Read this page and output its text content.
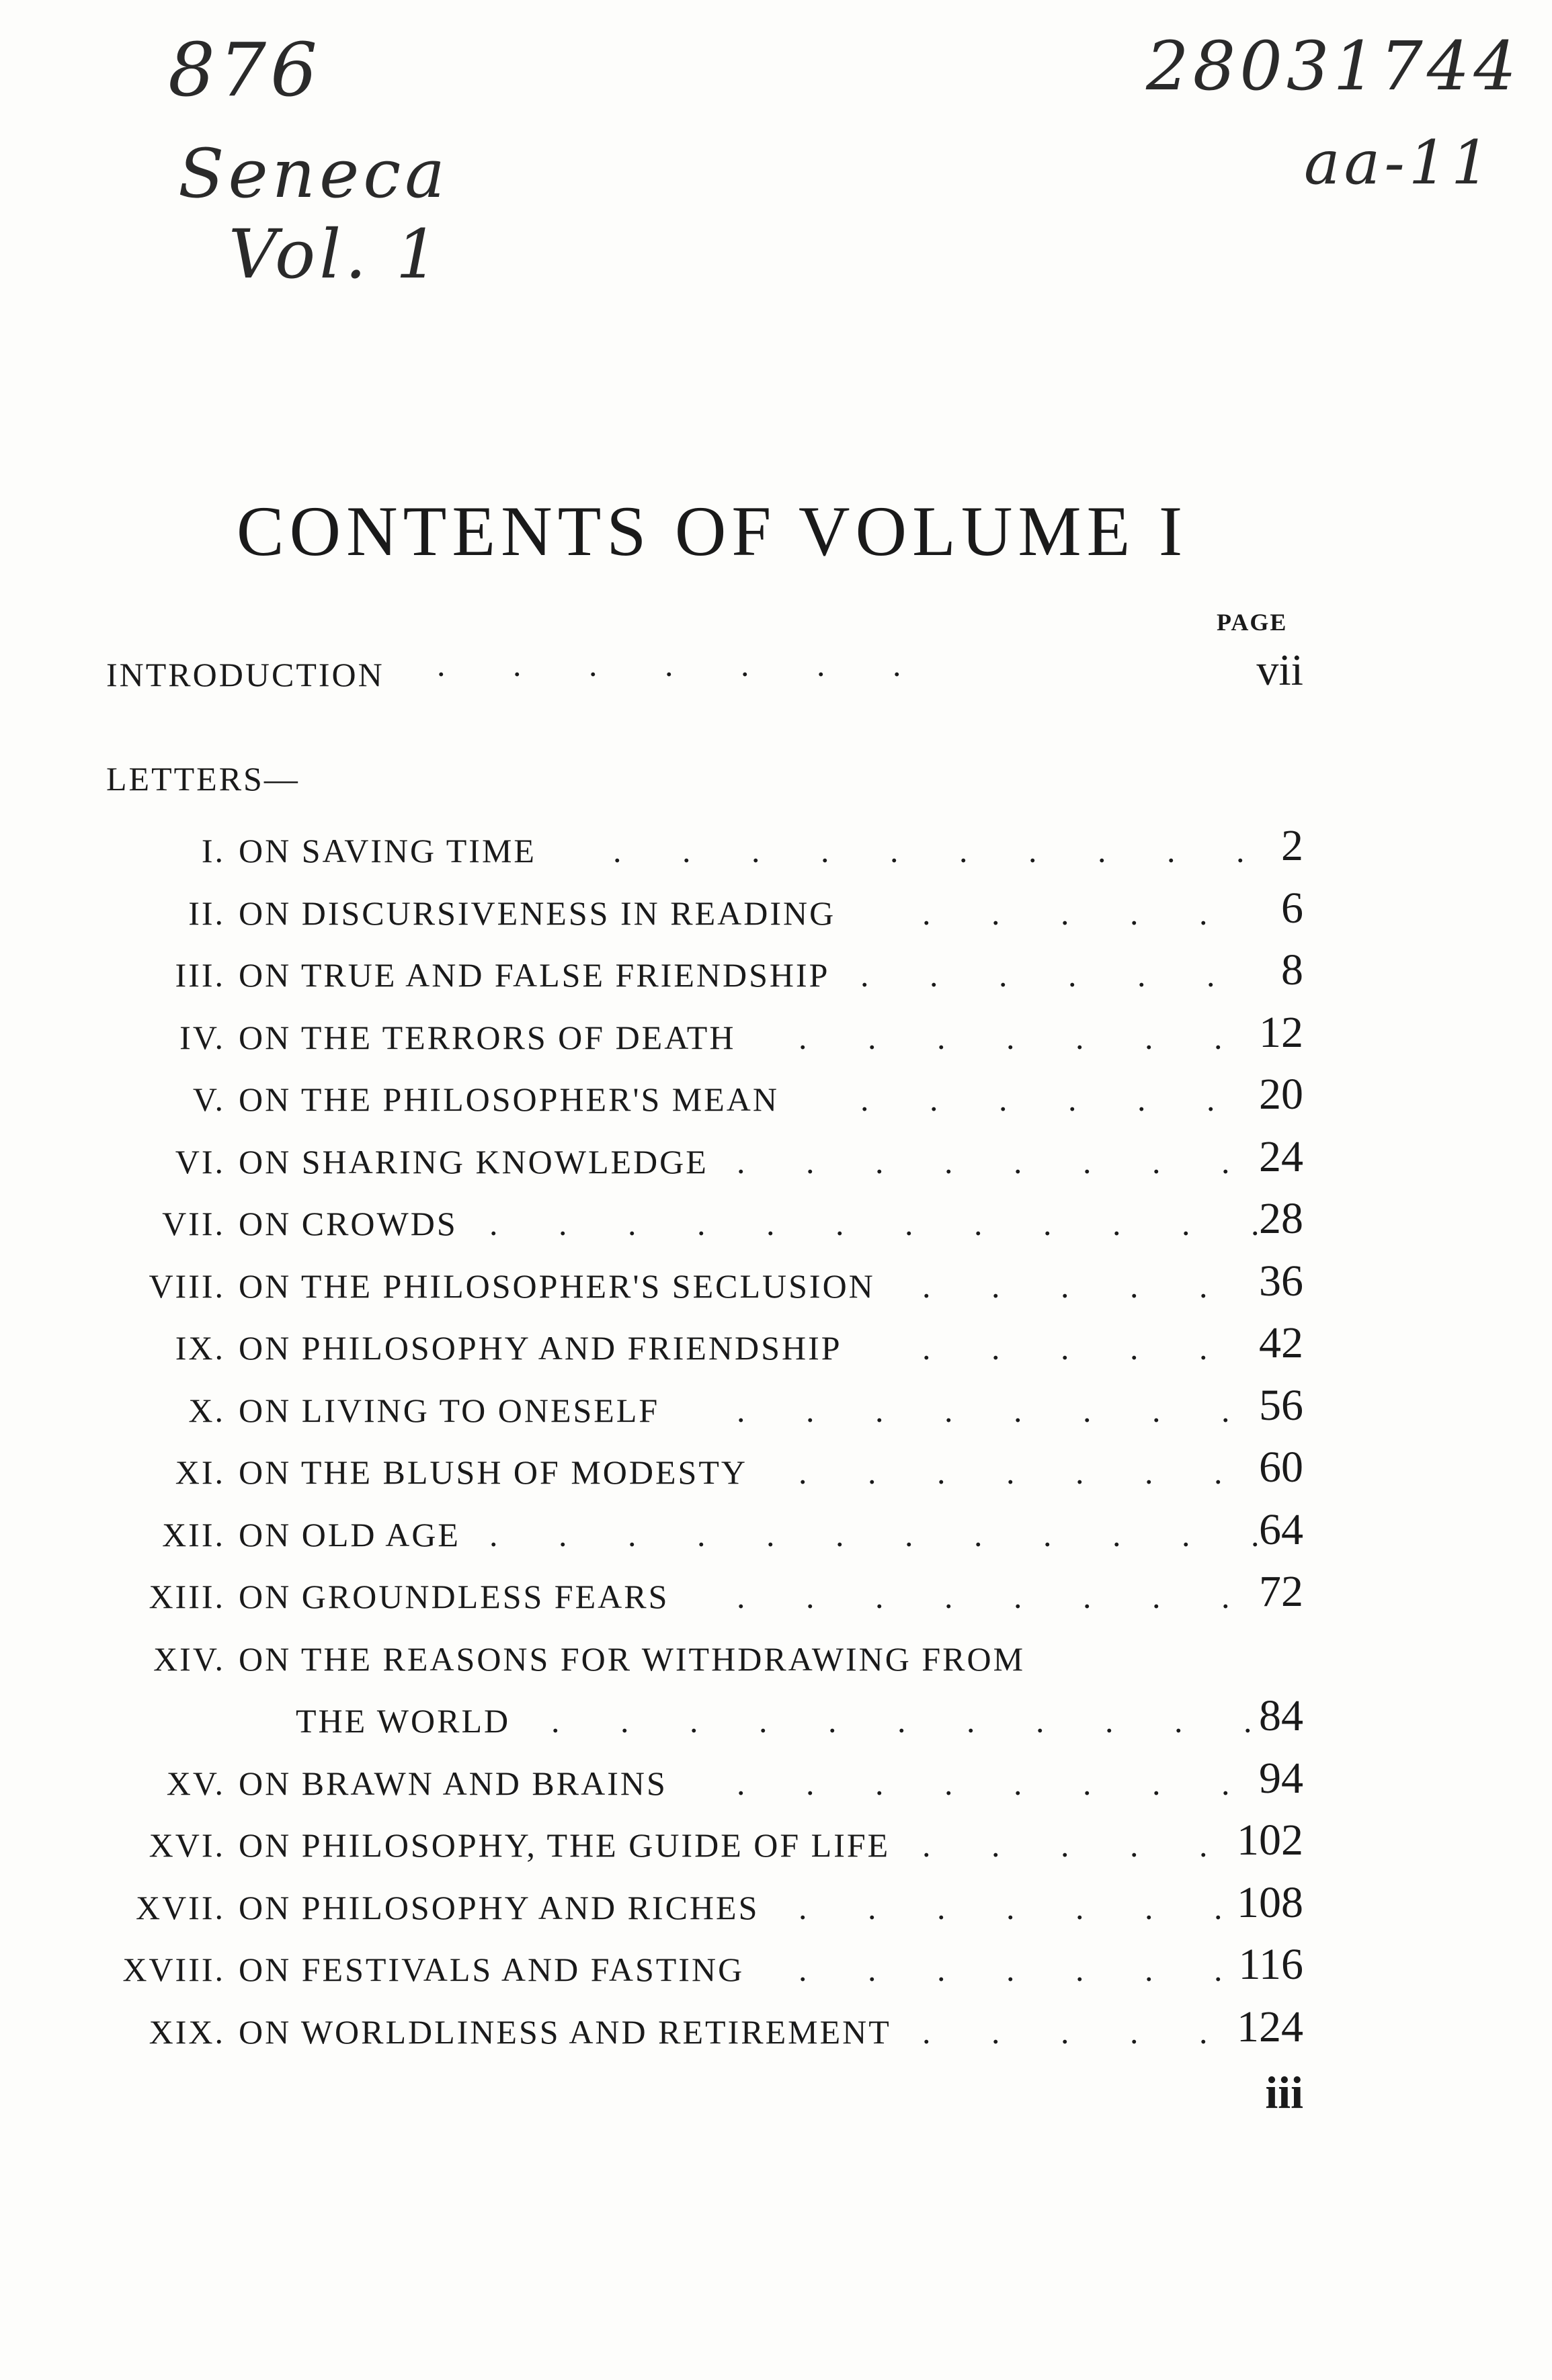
876
Seneca
Vol. 1
28031744
aa-11
CONTENTS OF VOLUME I
PAGE
INTRODUCTION . . . . . . .	vii
LETTERS—
I. ON SAVING TIME . . . . . . . . . . 2
II. ON DISCURSIVENESS IN READING	. . . . .	6
III. ON TRUE AND FALSE FRIENDSHIP . . . . . .	8
IV. ON THE TERRORS OF DEATH . . . . . . . 12
V. ON THE PHILOSOPHER'S MEAN . . . . . . 20
VI. ON SHARING KNOWLEDGE . . . . . . . . 24
VII. ON CROWDS . . . . . . . . . . . . 28
VIII. ON THE PHILOSOPHER'S SECLUSION . . . . .	36
IX. ON PHILOSOPHY AND FRIENDSHIP . . . . .	42
X. ON LIVING TO ONESELF . . . . . . . . 56
XI. ON THE BLUSH OF MODESTY . . . . . . . 60
XII. ON OLD AGE . . . . . . . . . . . . 64
XIII. ON GROUNDLESS FEARS . . . . . . . . 72
XIV. ON THE REASONS FOR WITHDRAWING FROM
THE WORLD . . . . . . . . . . . 84
XV. ON BRAWN AND BRAINS . . . . . . . . 94
XVI. ON PHILOSOPHY, THE GUIDE OF LIFE . . . . . 102
XVII. ON PHILOSOPHY AND RICHES . . . . . . . 108
XVIII. ON FESTIVALS AND FASTING . . . . . . . 116
XIX. ON WORLDLINESS AND RETIREMENT . . . . . 124
iii
